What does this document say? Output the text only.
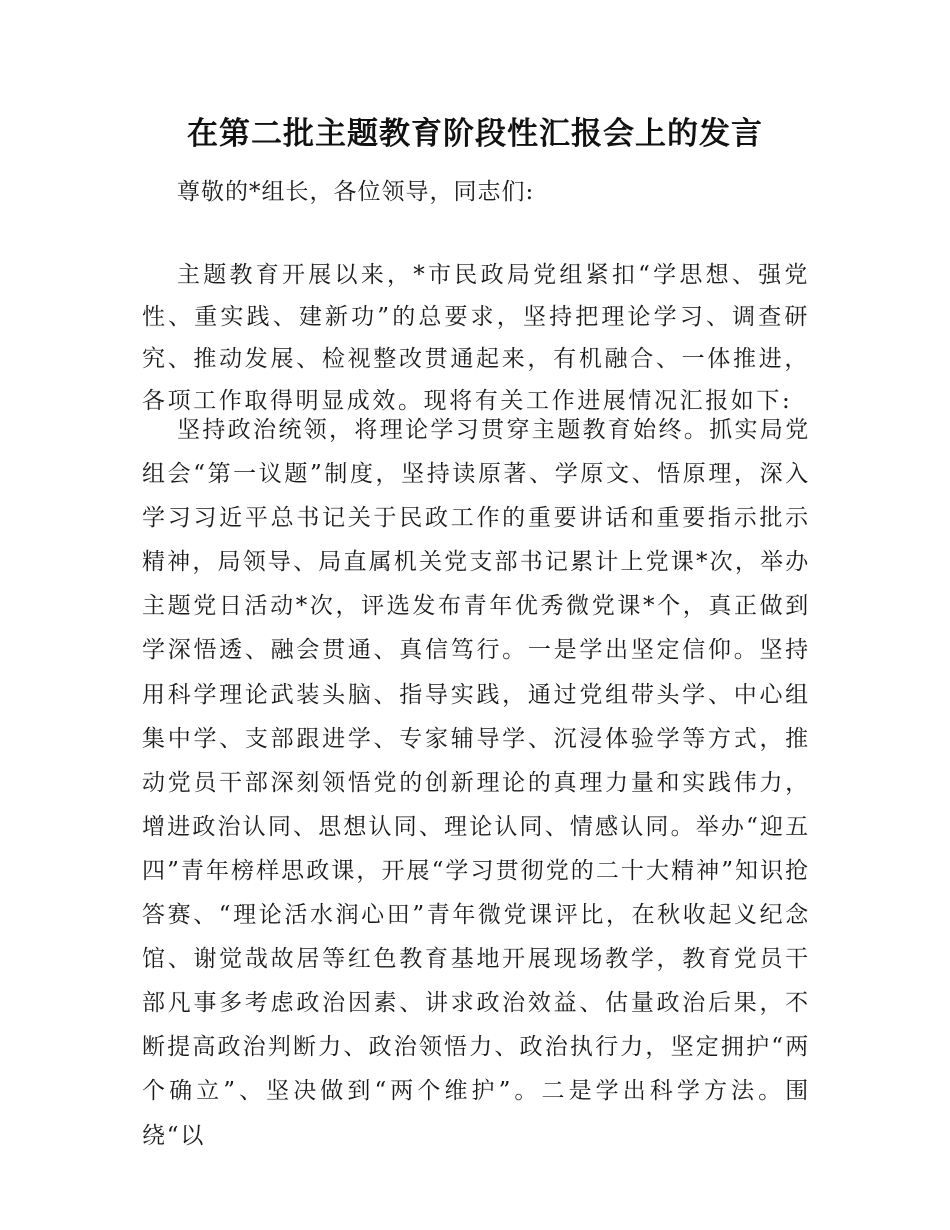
在第二批主题教育阶段性汇报会上的发言
尊敬的*组长，各位领导，同志们:
主题教育开展以来，*市民政局党组紧扣“学思想、强党性、重实践、建新功”的总要求，坚持把理论学习、调查研究、推动发展、检视整改贯通起来，有机融合、一体推进，各项工作取得明显成效。现将有关工作进展情况汇报如下:
坚持政治统领，将理论学习贯穿主题教育始终。抓实局党组会“第一议题”制度，坚持读原著、学原文、悟原理，深入学习习近平总书记关于民政工作的重要讲话和重要指示批示精神，局领导、局直属机关党支部书记累计上党课*次，举办主题党日活动*次，评选发布青年优秀微党课*个，真正做到学深悟透、融会贯通、真信笃行。一是学出坚定信仰。坚持用科学理论武装头脑、指导实践，通过党组带头学、中心组集中学、支部跟进学、专家辅导学、沉浸体验学等方式，推动党员干部深刻领悟党的创新理论的真理力量和实践伟力，增进政治认同、思想认同、理论认同、情感认同。举办“迎五四”青年榜样思政课，开展“学习贯彻党的二十大精神”知识抢答赛、“理论活水润心田”青年微党课评比，在秋收起义纪念馆、谢觉哉故居等红色教育基地开展现场教学，教育党员干部凡事多考虑政治因素、讲求政治效益、估量政治后果，不断提高政治判断力、政治领悟力、政治执行力，坚定拥护“两个确立”、坚决做到“两个维护”。二是学出科学方法。围绕“以
